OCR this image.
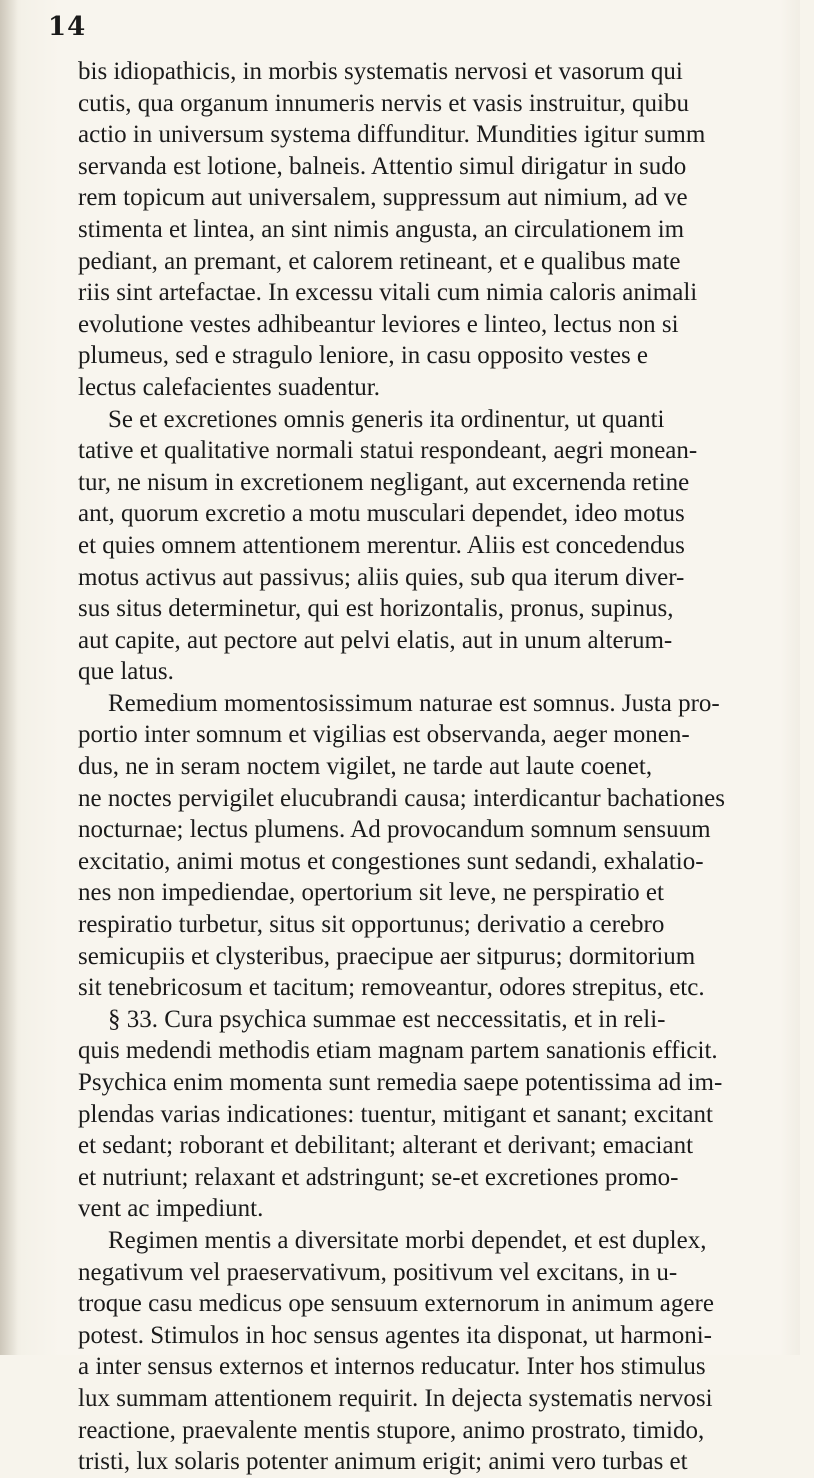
14
bis idiopathicis, in morbis systematis nervosi et vasorum qui
cutis, qua organum innumeris nervis et vasis instruitur, quibu
actio in universum systema diffunditur. Mundities igitur summ
servanda est lotione, balneis. Attentio simul dirigatur in sudo
rem topicum aut universalem, suppressum aut nimium, ad ve
stimenta et lintea, an sint nimis angusta, an circulationem im
pediant, an premant, et calorem retineant, et e qualibus mate
riis sint artefactae. In excessu vitali cum nimia caloris animali
evolutione vestes adhibeantur leviores e linteo, lectus non si
plumeus, sed e stragulo leniore, in casu opposito vestes e
lectus calefacientes suadentur.
Se et excretiones omnis generis ita ordinentur, ut quanti
tative et qualitative normali statui respondeant, aegri monean-
tur, ne nisum in excretionem negligant, aut excernenda retine
ant, quorum excretio a motu musculari dependet, ideo motus
et quies omnem attentionem merentur. Aliis est concedendus
motus activus aut passivus; aliis quies, sub qua iterum diver-
sus situs determinetur, qui est horizontalis, pronus, supinus,
aut capite, aut pectore aut pelvi elatis, aut in unum alterum-
que latus.
Remedium momentosissimum naturae est somnus. Justa pro-
portio inter somnum et vigilias est observanda, aeger monen-
dus, ne in seram noctem vigilet, ne tarde aut laute coenet,
ne noctes pervigilet elucubrandi causa; interdicantur bachationes
nocturnae; lectus plumens. Ad provocandum somnum sensuum
excitatio, animi motus et congestiones sunt sedandi, exhalatio-
nes non impediendae, opertorium sit leve, ne perspiratio et
respiratio turbetur, situs sit opportunus; derivatio a cerebro
semicupiis et clysteribus, praecipue aer sitpurus; dormitorium
sit tenebricosum et tacitum; removeantur, odores strepitus, etc.
§ 33. Cura psychica summae est neccessitatis, et in reli-
quis medendi methodis etiam magnam partem sanationis efficit.
Psychica enim momenta sunt remedia saepe potentissima ad im-
plendas varias indicationes: tuentur, mitigant et sanant; excitant
et sedant; roborant et debilitant; alterant et derivant; emaciant
et nutriunt; relaxant et adstringunt; se-et excretiones promo-
vent ac impediunt.
Regimen mentis a diversitate morbi dependet, et est duplex,
negativum vel praeservativum, positivum vel excitans, in u-
troque casu medicus ope sensuum externorum in animum agere
potest. Stimulos in hoc sensus agentes ita disponat, ut harmoni-
a inter sensus externos et internos reducatur. Inter hos stimulus
lux summam attentionem requirit. In dejecta systematis nervosi
reactione, praevalente mentis stupore, animo prostrato, timido,
tristi, lux solaris potenter animum erigit; animi vero turbas et
